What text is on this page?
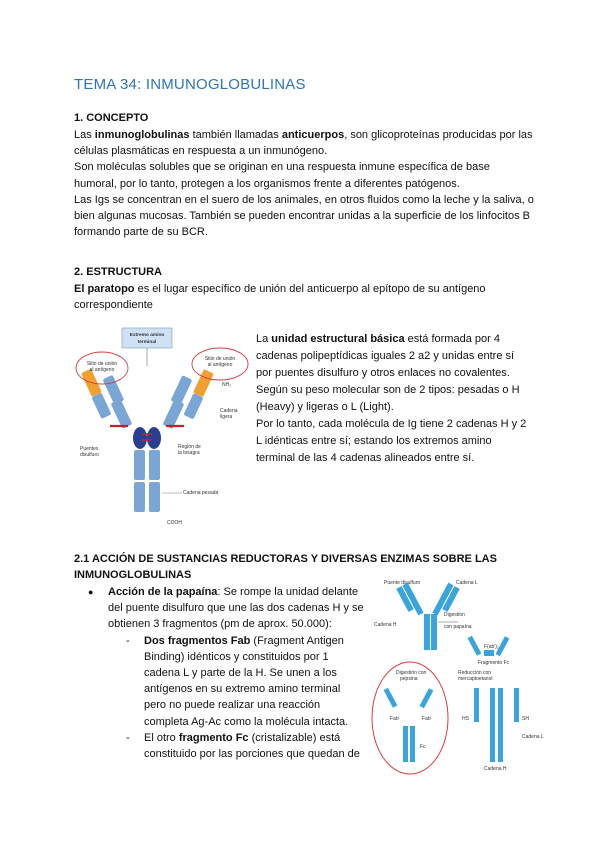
TEMA 34: INMUNOGLOBULINAS
1. CONCEPTO
Las inmunoglobulinas también llamadas anticuerpos, son glicoproteínas producidas por las
células plasmáticas en respuesta a un inmunógeno.
Son moléculas solubles que se originan en una respuesta inmune específica de base
humoral, por lo tanto, protegen a los organismos frente a diferentes patógenos.
Las Igs se concentran en el suero de los animales, en otros fluidos como la leche y la saliva, o
bien algunas mucosas. También se pueden encontrar unidas a la superficie de los linfocitos B
formando parte de su BCR.
2. ESTRUCTURA
El paratopo es el lugar específico de unión del anticuerpo al epítopo de su antígeno
correspondiente
La unidad estructural básica está formada por 4
cadenas polipeptídicas iguales 2 a2 y unidas entre sí
por puentes disulfuro y otros enlaces no covalentes.
Según su peso molecular son de 2 tipos: pesadas o H
(Heavy) y ligeras o L (Light).
Por lo tanto, cada molécula de Ig tiene 2 cadenas H y 2
L idénticas entre sí; estando los extremos amino
terminal de las 4 cadenas alineados entre sí.
Extremo amino
terminal
Sitio de unión
al antígeno
Sitio de unión
al antígeno
NH₂
Cadena
ligera
Puentes
disulfuro
Región de
la bisagra
Cadena pesada
COOH
2.1 ACCIÓN DE SUSTANCIAS REDUCTORAS Y DIVERSAS ENZIMAS SOBRE LAS
INMUNOGLOBULINAS
● Acción de la papaína: Se rompe la unidad delante
del puente disulfuro que une las dos cadenas H y se
obtienen 3 fragmentos (pm de aprox. 50.000):
- Dos fragmentos Fab (Fragment Antigen
Binding) idénticos y constituidos por 1
cadena L y parte de la H. Se unen a los
antígenos en su extremo amino terminal
pero no puede realizar una reacción
completa Ag-Ac como la molécula intacta.
- El otro fragmento Fc (cristalizable) está
constituido por las porciones que quedan de
Puente disulfuro	Cadena L
Cadena H
Digestión
con papaína
F(ab')₂
Fragmento Fc
Digestión con
pepsina
Fab	Fab
Fc
Reducción con
mercaptoetanol
HS	SH
Cadena H
Cadena L
